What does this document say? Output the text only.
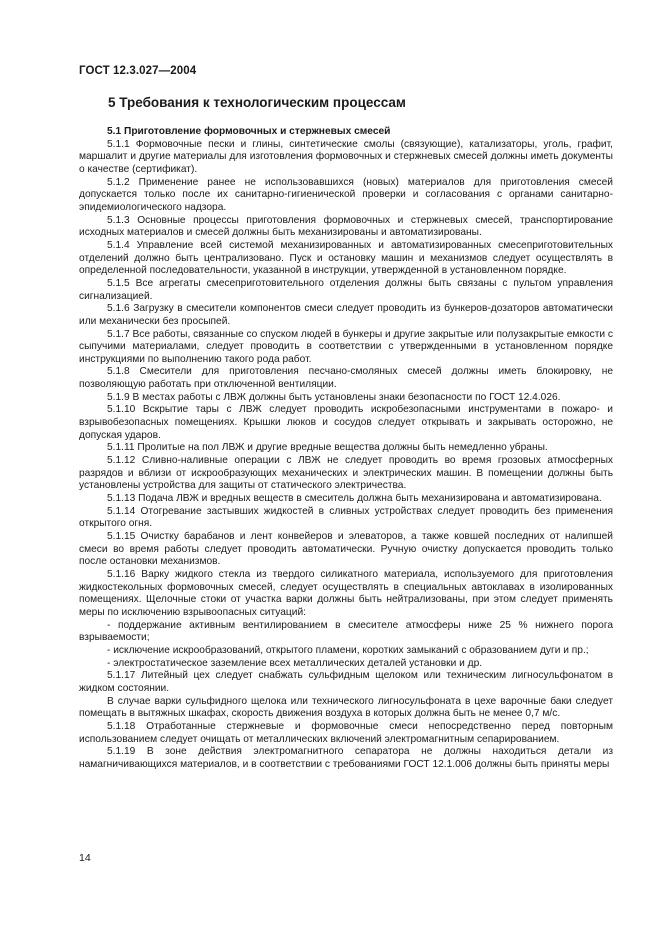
ГОСТ 12.3.027—2004
5 Требования к технологическим процессам

5.1 Приготовление формовочных и стержневых смесей

5.1.1 Формовочные пески и глины, синтетические смолы (связующие), катализаторы, уголь, графит, маршалит и другие материалы для изготовления формовочных и стержневых смесей должны иметь документы о качестве (сертификат).

5.1.2 Применение ранее не использовавшихся (новых) материалов для приготовления смесей допускается только после их санитарно-гигиенической проверки и согласования с органами санитарно-эпидемиологического надзора.

5.1.3 Основные процессы приготовления формовочных и стержневых смесей, транспортирование исходных материалов и смесей должны быть механизированы и автоматизированы.

5.1.4 Управление всей системой механизированных и автоматизированных смесеприготовительных отделений должно быть централизовано. Пуск и остановку машин и механизмов следует осуществлять в определенной последовательности, указанной в инструкции, утвержденной в установленном порядке.

5.1.5 Все агрегаты смесеприготовительного отделения должны быть связаны с пультом управления сигнализацией.

5.1.6 Загрузку в смесители компонентов смеси следует проводить из бункеров-дозаторов автоматически или механически без просыпей.

5.1.7 Все работы, связанные со спуском людей в бункеры и другие закрытые или полузакрытые емкости с сыпучими материалами, следует проводить в соответствии с утвержденными в установленном порядке инструкциями по выполнению такого рода работ.

5.1.8 Смесители для приготовления песчано-смоляных смесей должны иметь блокировку, не позволяющую работать при отключенной вентиляции.

5.1.9 В местах работы с ЛВЖ должны быть установлены знаки безопасности по ГОСТ 12.4.026.

5.1.10 Вскрытие тары с ЛВЖ следует проводить искробезопасными инструментами в пожаро- и взрывобезопасных помещениях. Крышки люков и сосудов следует открывать и закрывать осторожно, не допуская ударов.

5.1.11 Пролитые на пол ЛВЖ и другие вредные вещества должны быть немедленно убраны.

5.1.12 Сливно-наливные операции с ЛВЖ не следует проводить во время грозовых атмосферных разрядов и вблизи от искрообразующих механических и электрических машин. В помещении должны быть установлены устройства для защиты от статического электричества.

5.1.13 Подача ЛВЖ и вредных веществ в смеситель должна быть механизирована и автоматизирована.

5.1.14 Отогревание застывших жидкостей в сливных устройствах следует проводить без применения открытого огня.

5.1.15 Очистку барабанов и лент конвейеров и элеваторов, а также ковшей последних от налипшей смеси во время работы следует проводить автоматически. Ручную очистку допускается проводить только после остановки механизмов.

5.1.16 Варку жидкого стекла из твердого силикатного материала, используемого для приготовления жидкостекольных формовочных смесей, следует осуществлять в специальных автоклавах в изолированных помещениях. Щелочные стоки от участка варки должны быть нейтрализованы, при этом следует применять меры по исключению взрывоопасных ситуаций:

- поддержание активным вентилированием в смесителе атмосферы ниже 25 % нижнего порога взрываемости;

- исключение искрообразований, открытого пламени, коротких замыканий с образованием дуги и пр.;

- электростатическое заземление всех металлических деталей установки и др.

5.1.17 Литейный цех следует снабжать сульфидным щелоком или техническим лигносульфонатом в жидком состоянии.

В случае варки сульфидного щелока или технического лигносульфоната в цехе варочные баки следует помещать в вытяжных шкафах, скорость движения воздуха в которых должна быть не менее 0,7 м/с.

5.1.18 Отработанные стержневые и формовочные смеси непосредственно перед повторным использованием следует очищать от металлических включений электромагнитным сепарированием.

5.1.19 В зоне действия электромагнитного сепаратора не должны находиться детали из намагничивающихся материалов, и в соответствии с требованиями ГОСТ 12.1.006 должны быть приняты меры

14
